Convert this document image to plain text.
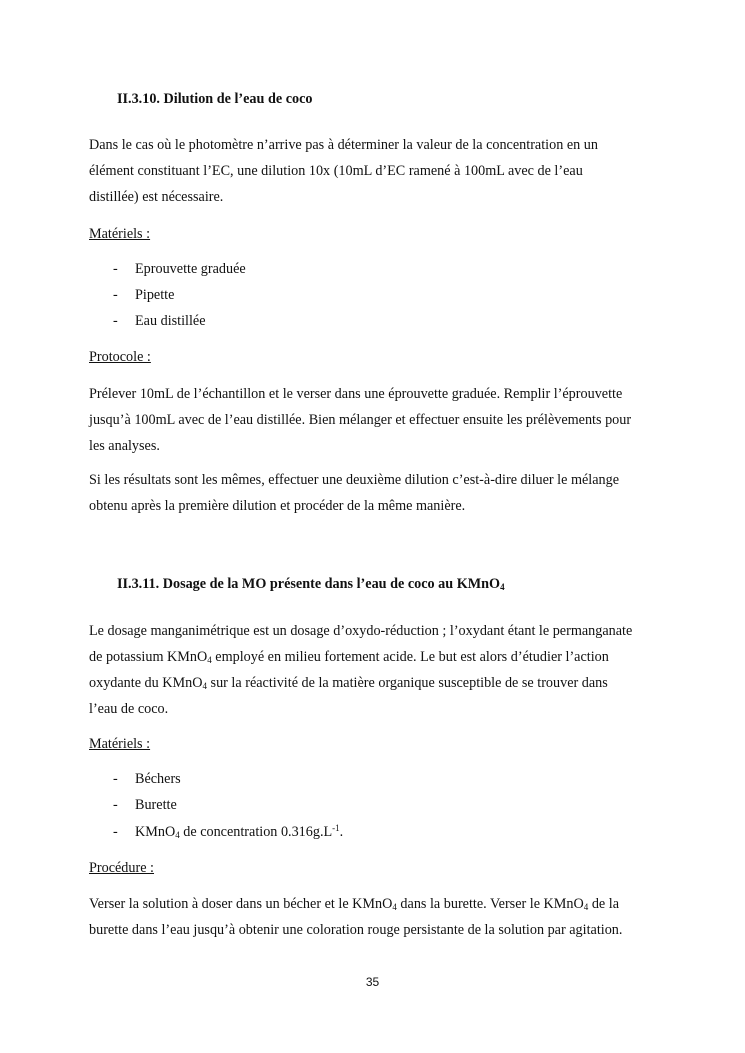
II.3.10. Dilution de l’eau de coco

Dans le cas où le photomètre n’arrive pas à déterminer la valeur de la concentration en un

élément constituant l’EC, une dilution 10x (10mL d’EC ramené à 100mL avec de l’eau

distillée) est nécessaire.

Matériels :
- Eprouvette graduée
- Pipette
- Eau distillée
Protocole :

Prélever 10mL de l’échantillon et le verser dans une éprouvette graduée. Remplir l’éprouvette

jusqu’à 100mL avec de l’eau distillée. Bien mélanger et effectuer ensuite les prélèvements pour

les analyses.

Si les résultats sont les mêmes, effectuer une deuxième dilution c’est-à-dire diluer le mélange

obtenu après la première dilution et procéder de la même manière.

II.3.11. Dosage de la MO présente dans l’eau de coco au KMnO$_4$

Le dosage manganimétrique est un dosage d’oxydo-réduction ; l’oxydant étant le permanganate

de potassium KMnO$_4$ employé en milieu fortement acide. Le but est alors d’étudier l’action

oxydante du KMnO$_4$ sur la réactivité de la matière organique susceptible de se trouver dans

l’eau de coco.

Matériels :
- Béchers
- Burette
- KMnO$_4$ de concentration $0.316g.L^{-1}$.
Procédure :

Verser la solution à doser dans un bécher et le KMnO$_4$ dans la burette. Verser le KMnO$_4$ de la

burette dans l’eau jusqu’à obtenir une coloration rouge persistante de la solution par agitation.

35
